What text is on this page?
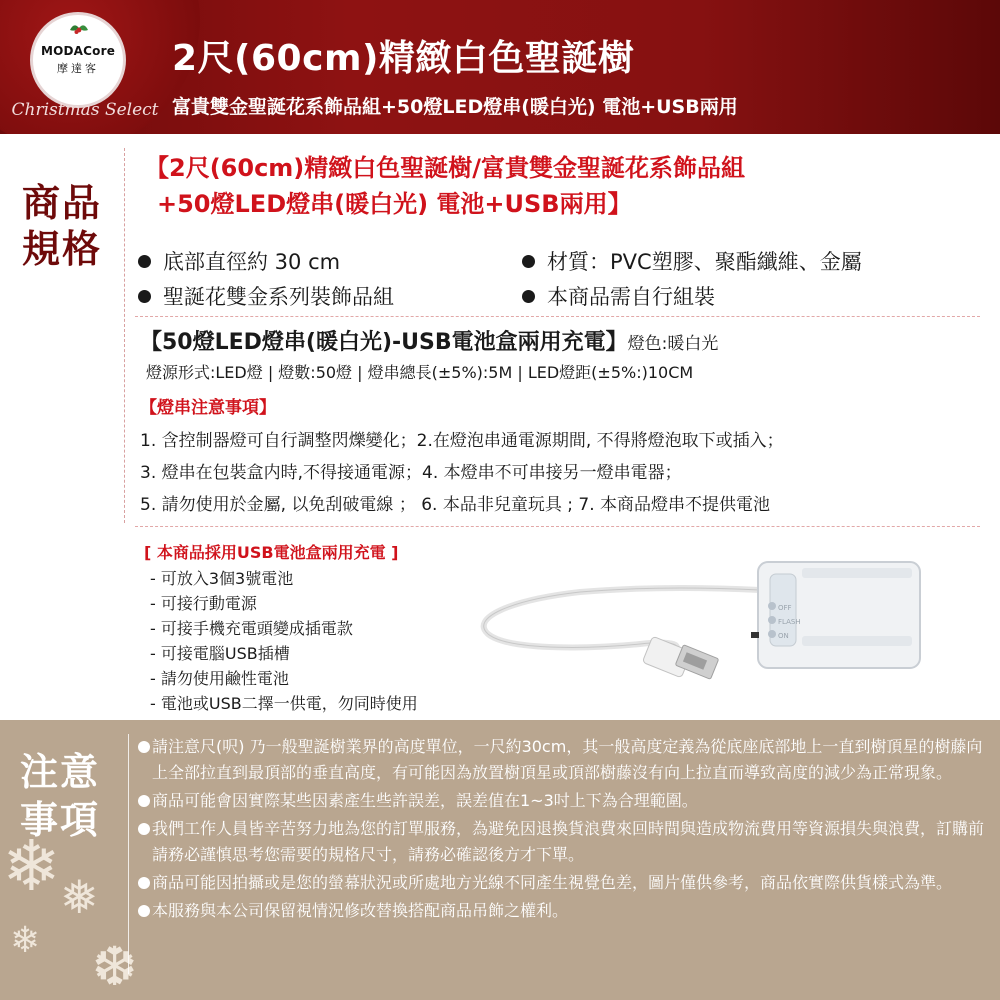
MODACore
摩達客
Christmas Select
2尺(60cm)精緻白色聖誕樹
富貴雙金聖誕花系飾品組+50燈LED燈串(暖白光) 電池+USB兩用
商品規格
【2尺(60cm)精緻白色聖誕樹/富貴雙金聖誕花系飾品組
+50燈LED燈串(暖白光) 電池+USB兩用】
底部直徑約 30 cm	材質：PVC塑膠、聚酯纖維、金屬
聖誕花雙金系列裝飾品組	本商品需自行組裝
【50燈LED燈串(暖白光)-USB電池盒兩用充電】燈色:暖白光
燈源形式:LED燈 | 燈數:50燈 | 燈串總長(±5%):5M | LED燈距(±5%:)10CM
【燈串注意事項】
1. 含控制器燈可自行調整閃爍變化；2.在燈泡串通電源期間, 不得將燈泡取下或插入；
3. 燈串在包裝盒内時,不得接通電源；4. 本燈串不可串接另一燈串電器；
5. 請勿使用於金屬, 以免刮破電線 ； 6. 本品非兒童玩具 ; 7. 本商品燈串不提供電池
[ 本商品採用USB電池盒兩用充電 ]
- 可放入3個3號電池
- 可接行動電源
- 可接手機充電頭變成插電款
- 可接電腦USB插槽
- 請勿使用鹼性電池
- 電池或USB二擇一供電，勿同時使用
OFF
FLASH
ON
❄ ❅
❆
❄
注意事項
請注意尺(呎) 乃一般聖誕樹業界的高度單位，一尺約30cm，其一般高度定義為從底座底部地上一直到樹頂星的樹藤向上全部拉直到最頂部的垂直高度，有可能因為放置樹頂星或頂部樹藤沒有向上拉直而導致高度的減少為正常現象。
商品可能會因實際某些因素產生些許誤差，誤差值在1~3吋上下為合理範圍。
我們工作人員皆辛苦努力地為您的訂單服務，為避免因退換貨浪費來回時間與造成物流費用等資源損失與浪費，訂購前請務必謹慎思考您需要的規格尺寸，請務必確認後方才下單。
商品可能因拍攝或是您的螢幕狀況或所處地方光線不同產生視覺色差，圖片僅供參考，商品依實際供貨樣式為準。
本服務與本公司保留視情況修改替換搭配商品吊飾之權利。
